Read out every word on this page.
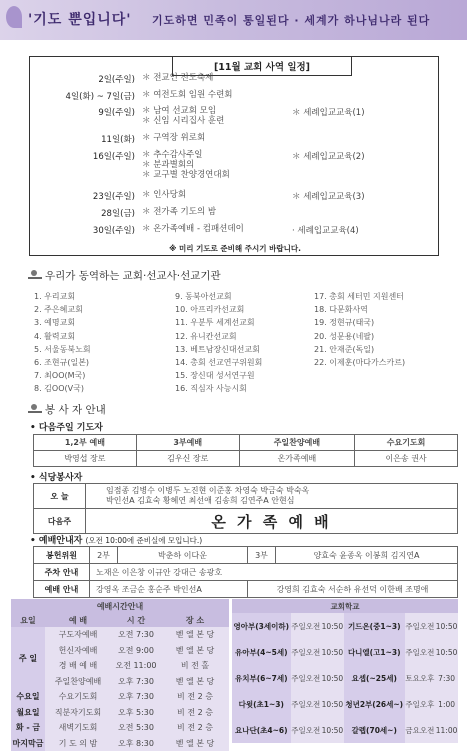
'기도 뿐입니다' 기도하면 민족이 통일된다 · 세계가 하나님나라 된다
[11월 교회 사역 일정]
2일(주일) ＊ 전교인 전도축제
4일(화) ~ 7일(금) ＊ 여전도회 임원 수련회
9일(주일) ＊ 남여 선교회 모임
＊ 신임 시리집사 훈련
＊ 세례입교교육(1)
11일(화) ＊ 구역장 위로회
16일(주일) ＊ 추수감사주일
＊ 분과별회의
＊ 교구별 찬양경연대회
＊ 세례입교교육(2)
23일(주일) ＊ 인사당회	＊ 세례입교교육(3)
28일(금) ＊ 전가족 기도의 밤
30일(주일) ＊ 온가족예배 - 컴패션데이	· 세례입교교육(4)
※ 미리 기도로 준비해 주시기 바랍니다.
우리가 동역하는 교회·선교사·선교기관
1. 우리교회
2. 주은혜교회
3. 예명교회
4. 활력교회
5. 서울동북노회
6. 조현규(일본)
7. 최OO(M국)
8. 김OO(V국)
9. 동북아선교회
10. 아프리카선교회
11. 우분투 세계선교회
12. 유니칸선교회
13. 베트남장신대선교회
14. 총회 선교연구위원회
15. 장신대 성서연구원
16. 직심자 사능시회
17. 총회 세터민 지원센터
18. 다문화사역
19. 정현규(태국)
20. 성문용(네팔)
21. 안재준(독일)
22. 이제훈(마다가스카르)
봉 사 자 안내
• 다음주일 기도자
1,2부 예배	3부예배	주일찬양예배	수요기도회
박영섭 장로	김우신 장로	온가족예배	이은송 권사
• 식당봉사자
오 늘	임점종 김병수 이병두 노진현 이준홍 차영숙 박금숙 박숙옥
박인선A 김효숙 황혜연 최선애 김송희 김연주A 안현심
다음주	온 가 족 예 배
• 예배안내자 (오전 10:00에 준비실에 모입니다.)
봉헌위원	2부	박춘하 이다운	3부	양효숙 윤종옥 이봉희 김지연A
주차 안내	노재은 이은창 이규안 강대근 송광호			
예배 안내	강영옥 조금순 홍순주 박인선A		강영희 김효숙 서순하 유선덕 이한배 조명애	
예배시간안내			
요일	예 배	시 간	장 소
주 일	구도자예배	오전 7:30	벧 엘 본 당
	헌신자예배	오전 9:00	벧 엘 본 당
	경 배 예 배	오전 11:00	비 전 홀
	주일찬양예배	오후 7:30	벧 엘 본 당
수요일	수요기도회	오후 7:30	비 전 2 층
월요일	직분자기도회	오후 5:30	비 전 2 층
화 - 금	새벽기도회	오전 5:30	비 전 2 층
마지막금	기 도 의 밤	오후 8:30	벧 엘 본 당
교회학교					
영아부(3세이하)	주일오전	10:50	기드온(중1~3)	주일오전	10:50
유아부(4~5세)	주일오전	10:50	다니엘(고1~3)	주일오전	10:50
유치부(6~7세)	주일오전	10:50	요셉(~25세)	토요오후	7:30
다윗(초1~3)	주일오전	10:50	청년2부(26세~)	주일오후	1:00
요나단(초4~6)	주일오전	10:50	갈렙(70세~)	금요오전	11:00
